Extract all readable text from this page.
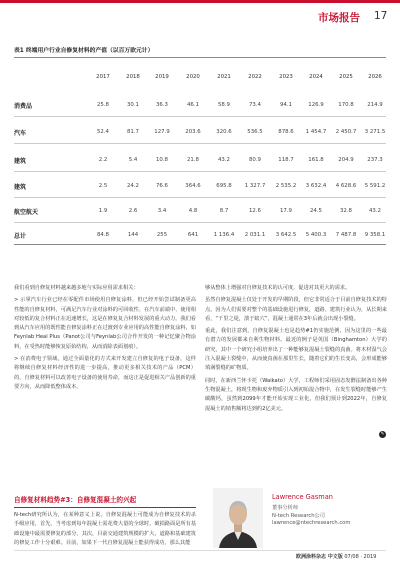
市场报告 17
表1 终端用户行业自修复材料的产值（以百万欧元计）
2017	2018	2019	2020	2021	2022	2023	2024	2025	2026
消费品	25.8	30.1	36.3	46.1	58.9	73.4	94.1	126.9	170.8	214.9
汽车	52.4	81.7	127.9	203.6	320.6	536.5	878.6	1 454.7	2 450.7	3 271.5
建筑	2.2	5.4	10.8	21.8	43.2	80.9	118.7	161.8	204.9	237.3
建筑	2.5	24.2	76.6	364.6	695.8	1 327.7	2 535.2	3 632.4	4 628.6	5 591.2
航空航天	1.9	2.6	3.4	4.8	8.7	12.6	17.9	24.5	32.8	43.2
总计	84.8	144	255	641	1 136.4	2 031.1	3 642.5	5 400.3	7 487.8	9 358.1

我们看到自修复材料越来越多地与实际应用需求相关：

> 示掌汽车行业已经在零配件市场使用自修复涂料，但已经开始尝试制备更高性能的自修复材料，可满足汽车行业对涂料的可回收性、在汽车前端中、使用相对较低的复合材料正在迅速增长，这是在修复复合材料发展的重大动力。我们看到从汽车应用的既性能自修复涂料正在过渡到专业应用的高性能自修复涂料，如Feynlab Heal Plus（Panot公司与Feynlab公司合作开发的一种记忆聚合物涂料，在受热时能够恢复原始结构，从而消除表面划痕）。

> 在消费电子领域，通过全面量化的方式来开发建立自修复的电子设备，这样将继续自修复材料经济性的进一步提高，推动更多相关技术的产品（PCM）的，自修复材料可以改善电子设备的使用寿命，而这正是促进相关产品创新的重要方向，从而降低整体成本。

自修复材料趋势#3：自修复混凝土的兴起

N-tech研究所认为，在某种意义上说，自修复混凝土可能成为自修复技术的杀手级应用，首先，当考虑到每年混凝土需花费大量的全球时，破损路面是所有基础设施中最需要修复的部分，其次，目前交通建筑规模的扩大，道路和基础建筑的修复工作十分艰难。目前，如果下一代自修复混凝土能获得成功，那么其能

够从整体上增强对自修复技术的认可度，促进对其更大的需求。

虽然自修复混凝土仅处于开发的早期阶段，但它非常适合于目前自修复技术的特点。因为人们需要对整个的基础设施进行修复，道路、建筑行业认为，从长期来看，“千里之堤，溃于蚁穴”，混凝土通常在3年后就会出现小裂缝。

重此，我们注意到，自修复混凝土也是趋势#1仍实施范例，因为这里的一些最有潜力的发展都来自利生物材料。最近的例子是英国（Binghamton）大学的研究，其中一个研究小组培养出了一种能够复混凝土裂缝的真菌。将木材湿气会注入混凝土裂缝中，从而使真菌在那里生长，随着它们的生长变高，会形成能够填满裂缝的矿物质。

同时，在新西兰怀卡托（Waikato）大学，工程师们采用固态发酵法制备出各种生物混凝土，将现生物和废弃物质引入到初始混合物中，在发生裂缝时能够产生碳酸钙，虽然到2099年才能开始实现工业化，但我们预计到2022年，自修复混凝土的销售额将达到约2亿美元。

✎
Lawrence Gasman
董事分析师
N-tech Research公司
lawrence@ntechresearch.com
欧洲涂料杂志 中文版 07/08 · 2019
